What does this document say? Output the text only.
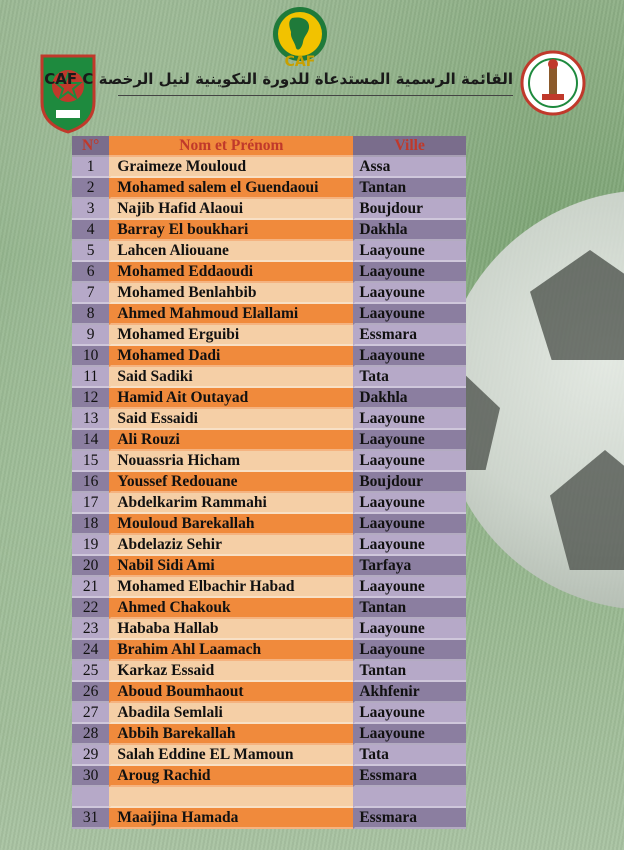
CAF
القائمة الرسمية المستدعاة للدورة التكوينية لنيل الرخصة CAF C
N°	Nom et Prénom	Ville
1	Graimeze Mouloud	Assa
2	Mohamed salem el Guendaoui	Tantan
3	Najib Hafid Alaoui	Boujdour
4	Barray El boukhari	Dakhla
5	Lahcen Aliouane	Laayoune
6	Mohamed Eddaoudi	Laayoune
7	Mohamed Benlahbib	Laayoune
8	Ahmed Mahmoud Elallami	Laayoune
9	Mohamed Erguibi	Essmara
10	Mohamed Dadi	Laayoune
11	Said Sadiki	Tata
12	Hamid Ait Outayad	Dakhla
13	Said Essaidi	Laayoune
14	Ali Rouzi	Laayoune
15	Nouassria Hicham	Laayoune
16	Youssef Redouane	Boujdour
17	Abdelkarim Rammahi	Laayoune
18	Mouloud Barekallah	Laayoune
19	Abdelaziz Sehir	Laayoune
20	Nabil Sidi Ami	Tarfaya
21	Mohamed Elbachir Habad	Laayoune
22	Ahmed Chakouk	Tantan
23	Hababa Hallab	Laayoune
24	Brahim Ahl Laamach	Laayoune
25	Karkaz Essaid	Tantan
26	Aboud Boumhaout	Akhfenir
27	Abadila Semlali	Laayoune
28	Abbih Barekallah	Laayoune
29	Salah Eddine EL Mamoun	Tata
30	Aroug Rachid	Essmara

31	Maaijina Hamada	Essmara
